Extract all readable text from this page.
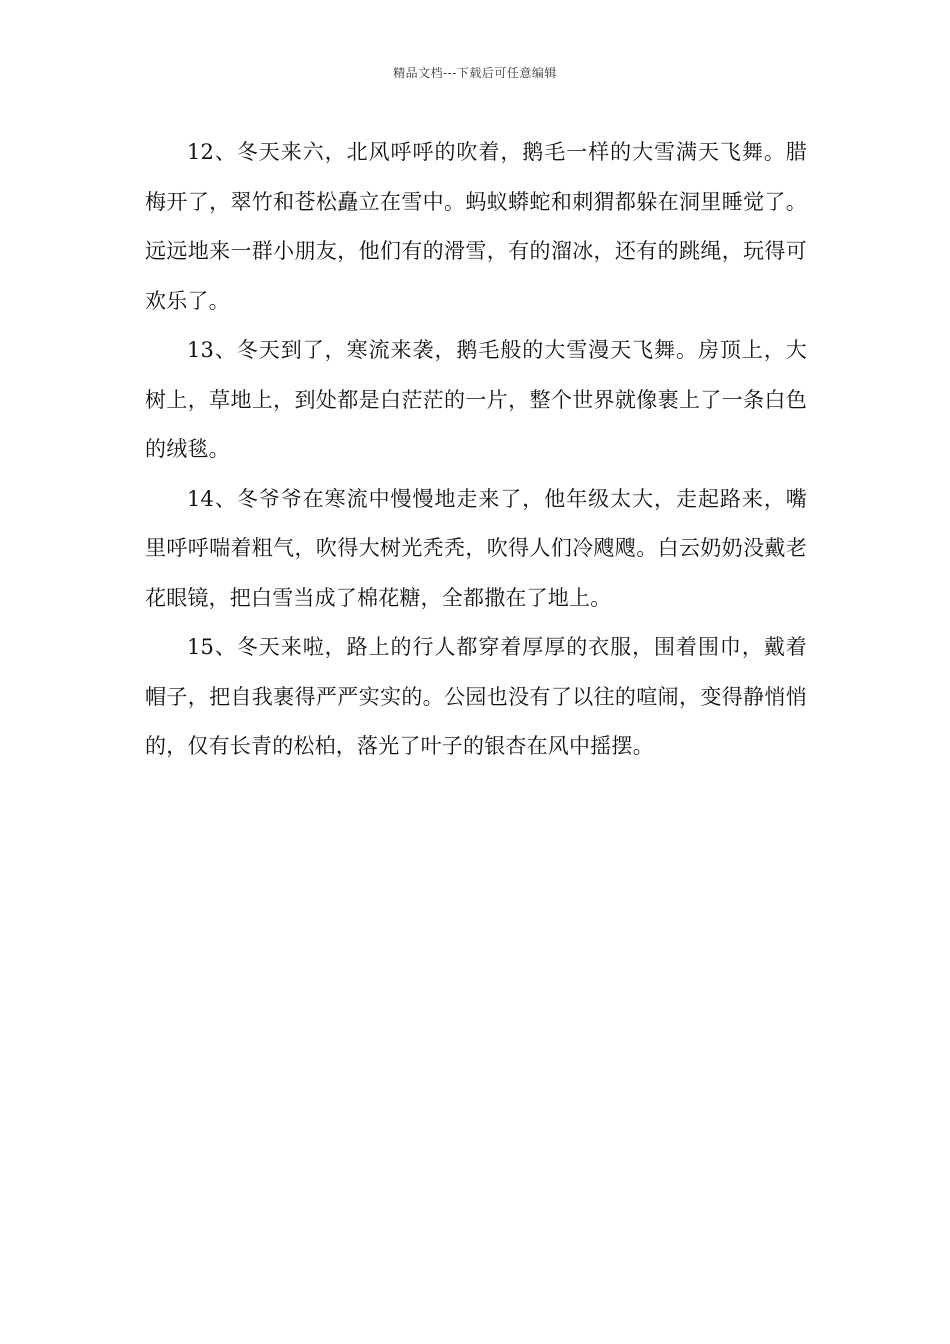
精品文档---下载后可任意编辑

12、冬天来六，北风呼呼的吹着，鹅毛一样的大雪满天飞舞。腊梅开了，翠竹和苍松矗立在雪中。蚂蚁蟒蛇和刺猬都躲在洞里睡觉了。远远地来一群小朋友，他们有的滑雪，有的溜冰，还有的跳绳，玩得可欢乐了。

13、冬天到了，寒流来袭，鹅毛般的大雪漫天飞舞。房顶上，大树上，草地上，到处都是白茫茫的一片，整个世界就像裹上了一条白色的绒毯。

14、冬爷爷在寒流中慢慢地走来了，他年级太大，走起路来，嘴里呼呼喘着粗气，吹得大树光秃秃，吹得人们冷飕飕。白云奶奶没戴老花眼镜，把白雪当成了棉花糖，全都撒在了地上。

15、冬天来啦，路上的行人都穿着厚厚的衣服，围着围巾，戴着帽子，把自我裹得严严实实的。公园也没有了以往的喧闹，变得静悄悄的，仅有长青的松柏，落光了叶子的银杏在风中摇摆。
